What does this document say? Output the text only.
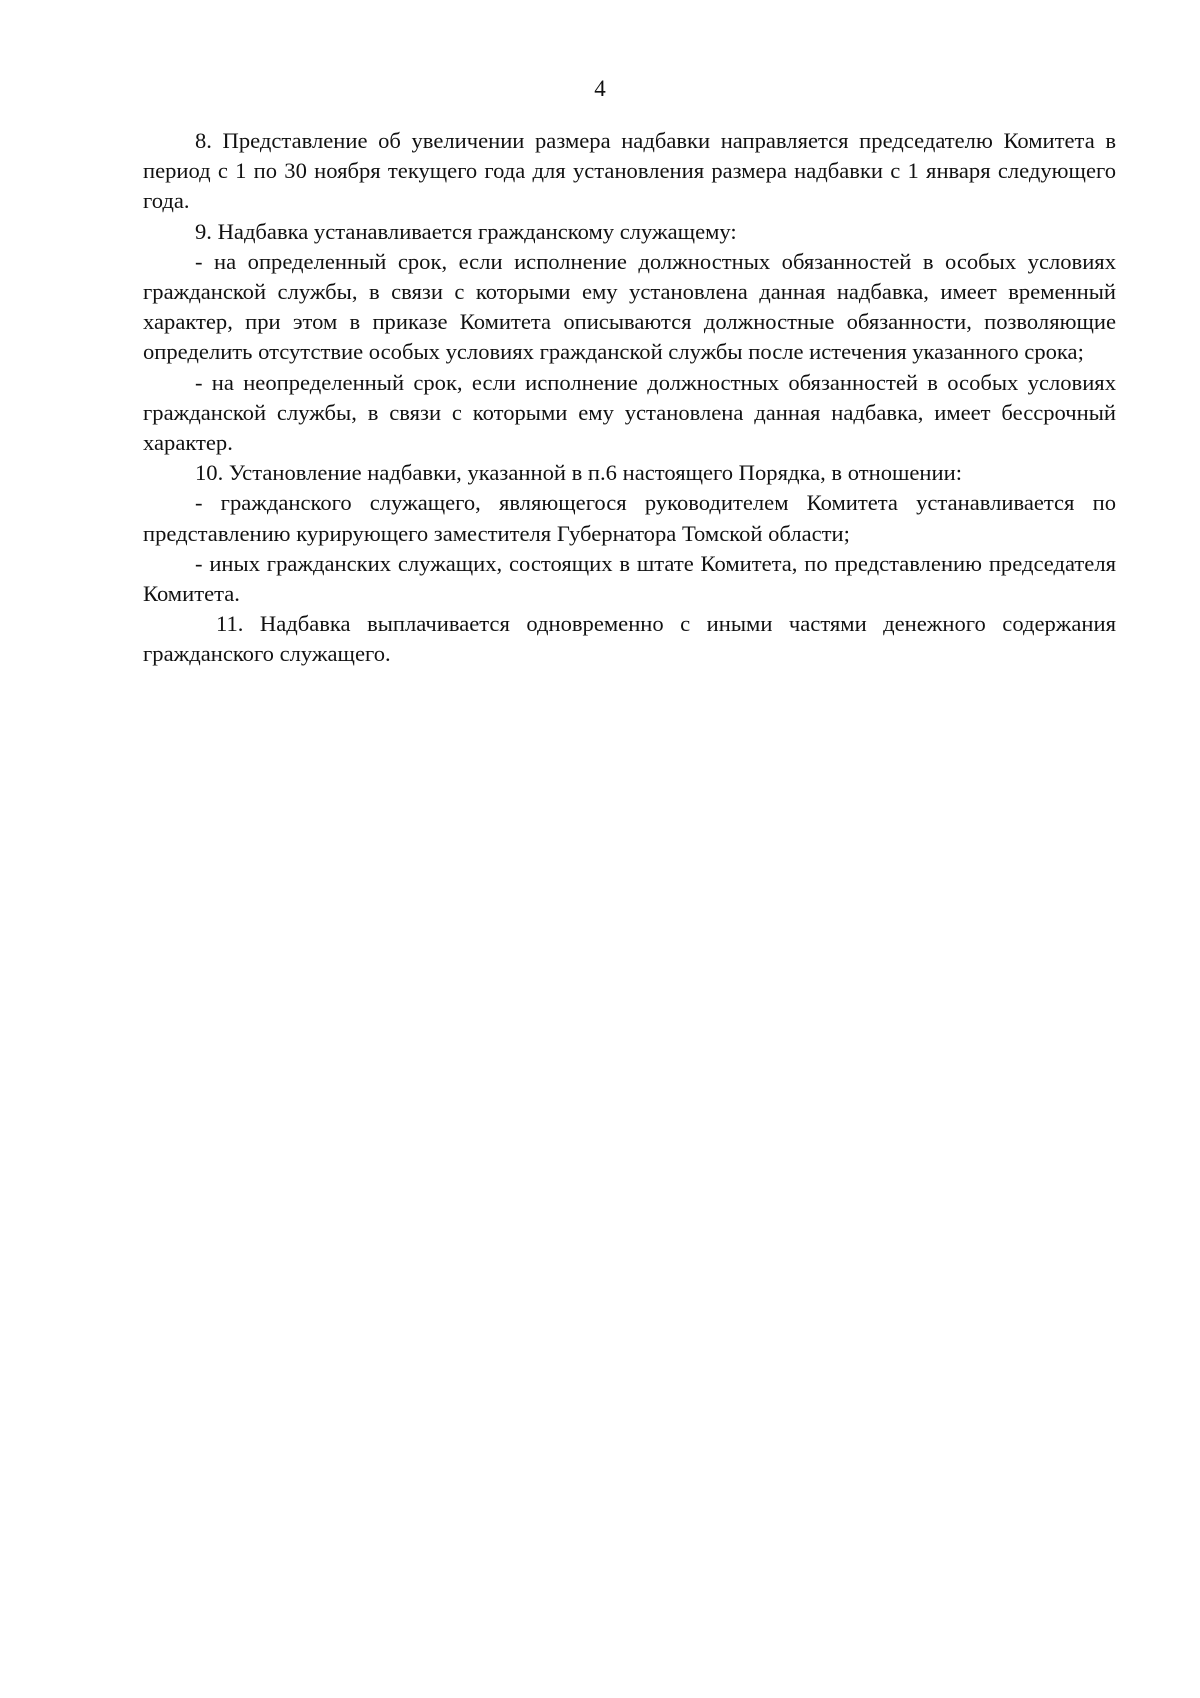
4

8. Представление об увеличении размера надбавки направляется председателю Комитета в период с 1 по 30 ноября текущего года для установления размера надбавки с 1 января следующего года.

9. Надбавка устанавливается гражданскому служащему:

- на определенный срок, если исполнение должностных обязанностей в особых условиях гражданской службы, в связи с которыми ему установлена данная надбавка, имеет временный характер, при этом в приказе Комитета описываются должностные обязанности, позволяющие определить отсутствие особых условиях гражданской службы после истечения указанного срока;

- на неопределенный срок, если исполнение должностных обязанностей в особых условиях гражданской службы, в связи с которыми ему установлена данная надбавка, имеет бессрочный характер.

10. Установление надбавки, указанной в п.6 настоящего Порядка, в отношении:

- гражданского служащего, являющегося руководителем Комитета устанавливается по представлению курирующего заместителя Губернатора Томской области;

- иных гражданских служащих, состоящих в штате Комитета, по представлению председателя Комитета.

11. Надбавка выплачивается одновременно с иными частями денежного содержания гражданского служащего.
